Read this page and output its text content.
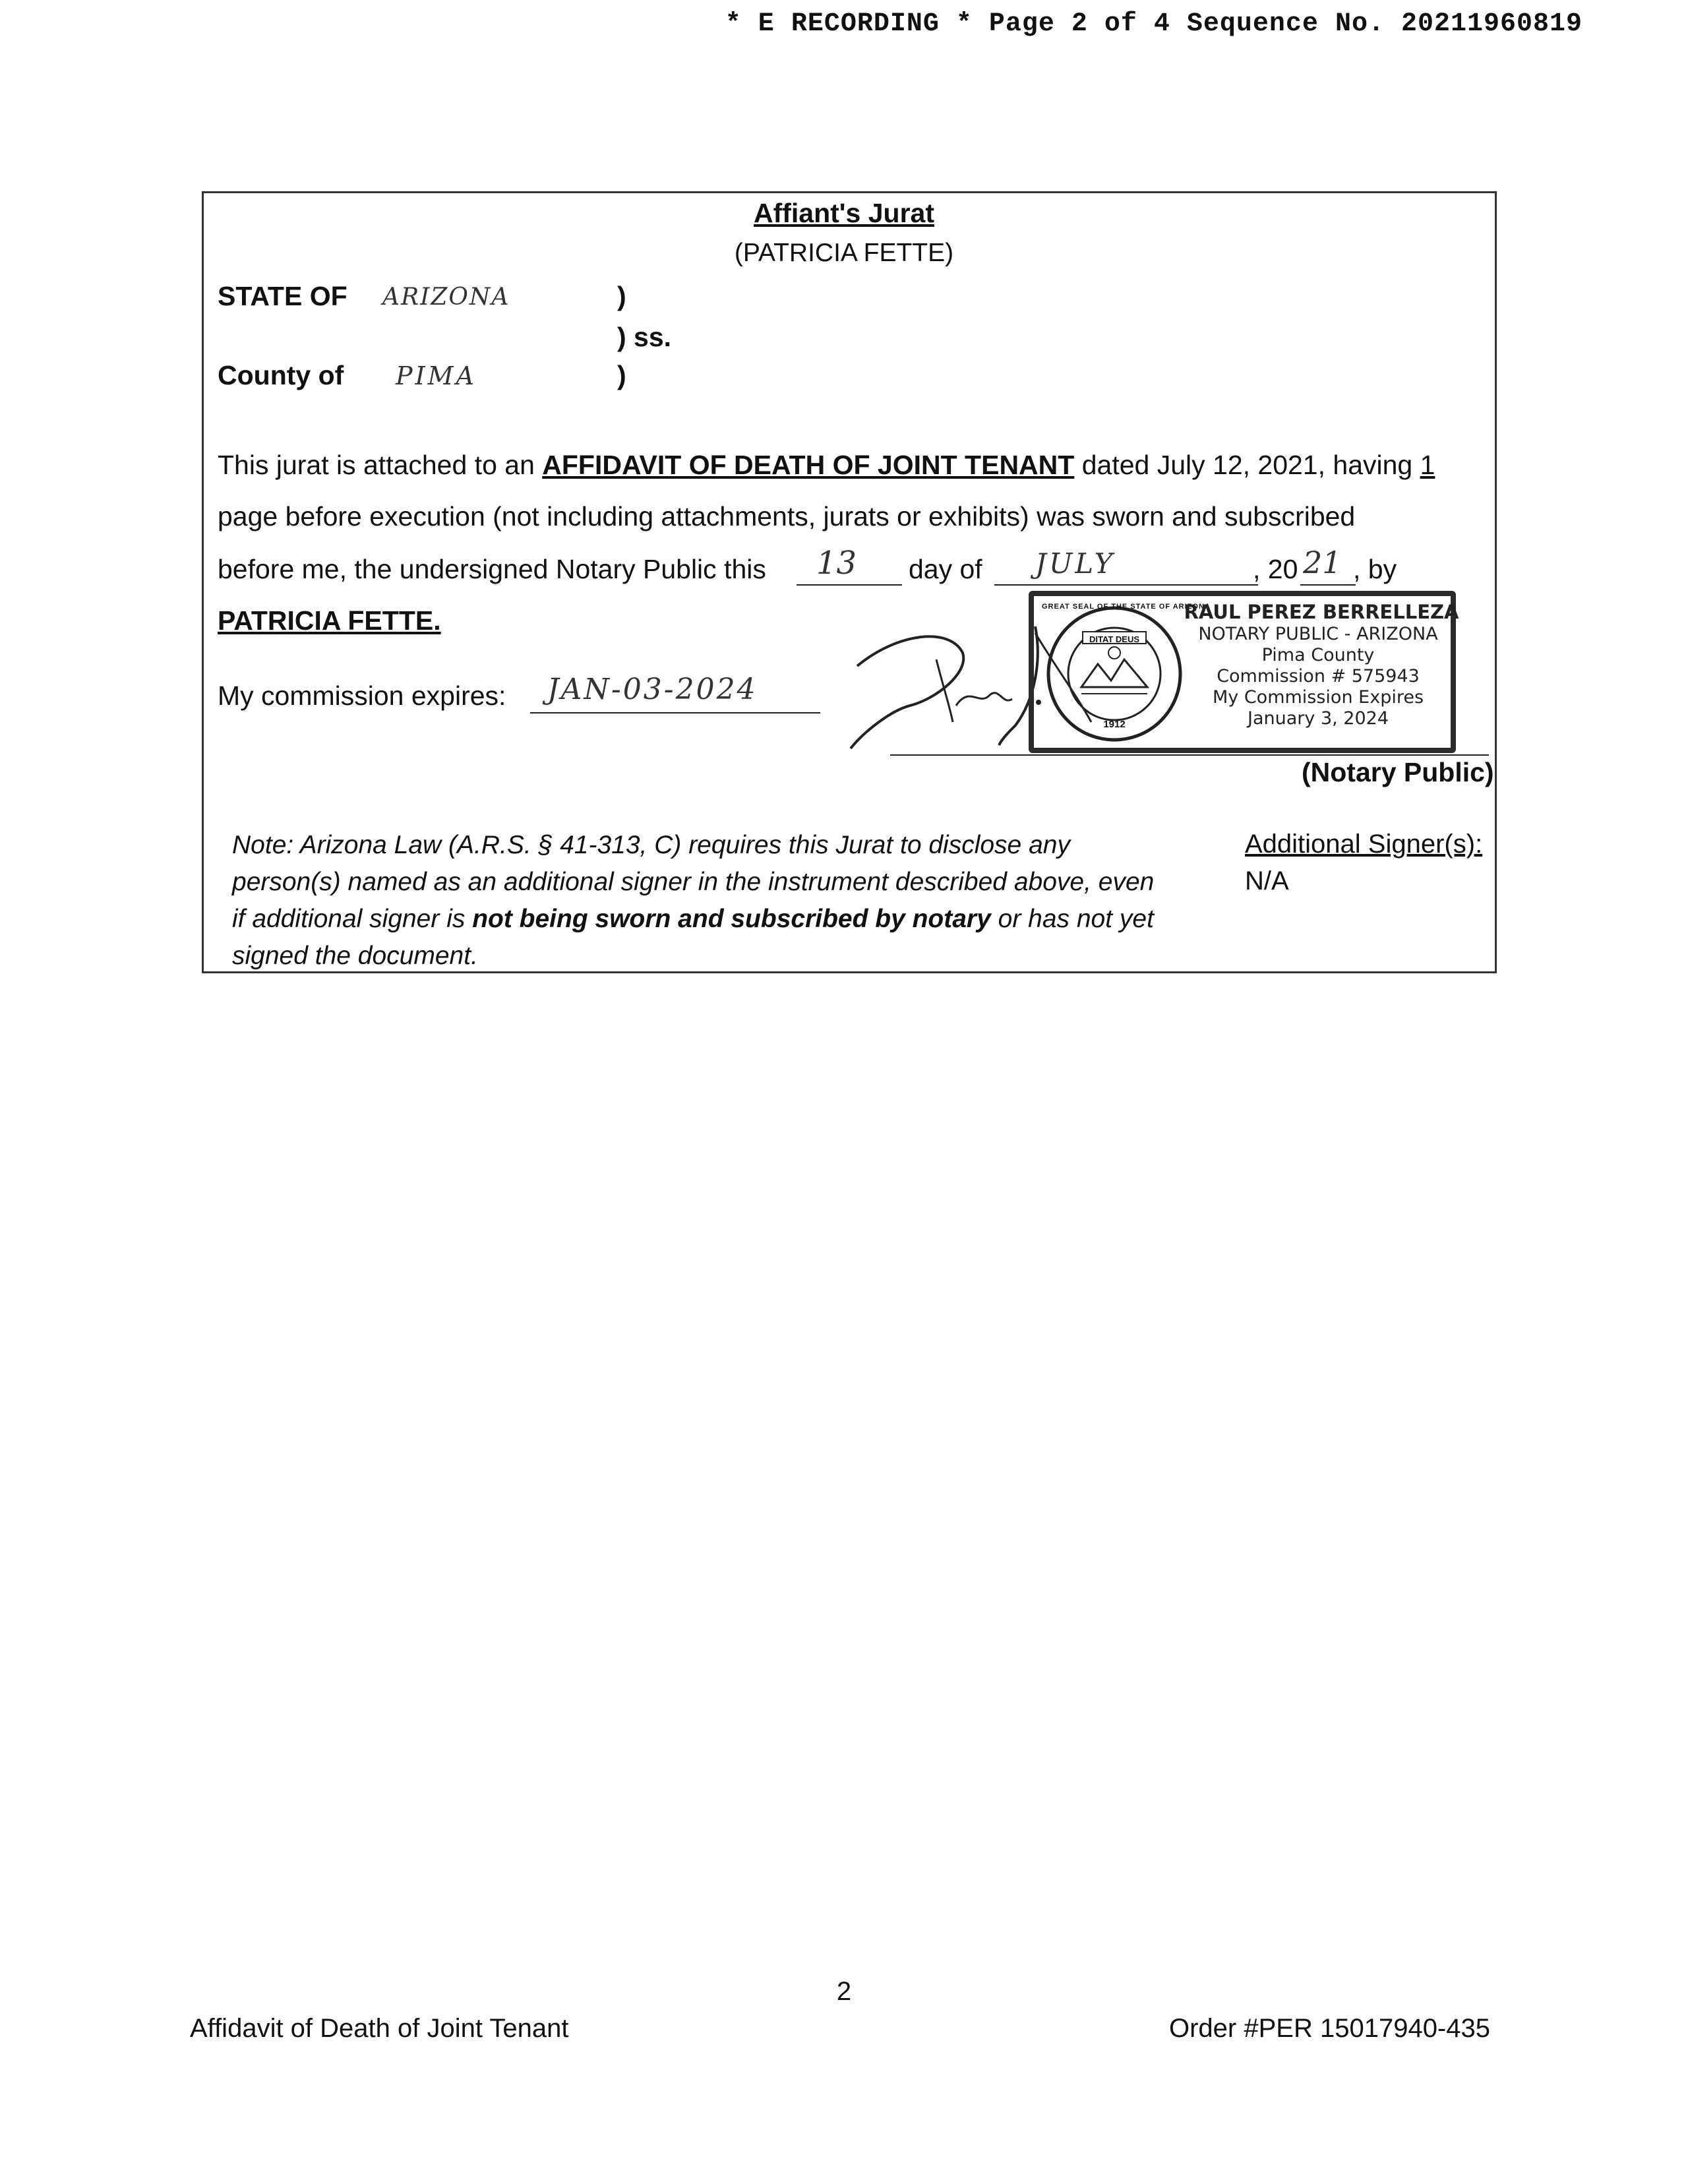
* E RECORDING * Page 2 of 4 Sequence No. 20211960819
Affiant's Jurat
(PATRICIA FETTE)
STATE OF ARIZONA	)
) ss.
County of PIMA	)
This jurat is attached to an AFFIDAVIT OF DEATH OF JOINT TENANT dated July 12, 2021, having 1
page before execution (not including attachments, jurats or exhibits) was sworn and subscribed
before me, the undersigned Notary Public this 13 day of JULY	, 20 21 , by
PATRICIA FETTE.
My commission expires: JAN-03-2024
(Notary Public)
DITAT DEUS
1912
GREAT SEAL OF THE STATE OF ARIZONA
RAUL PEREZ BERRELLEZA
NOTARY PUBLIC - ARIZONA
Pima County
Commission # 575943
My Commission Expires
January 3, 2024
Note: Arizona Law (A.R.S. § 41-313, C) requires this Jurat to disclose any
person(s) named as an additional signer in the instrument described above, even
if additional signer is not being sworn and subscribed by notary or has not yet
signed the document.
Additional Signer(s):
N/A
2
Affidavit of Death of Joint Tenant	Order #PER 15017940-435
